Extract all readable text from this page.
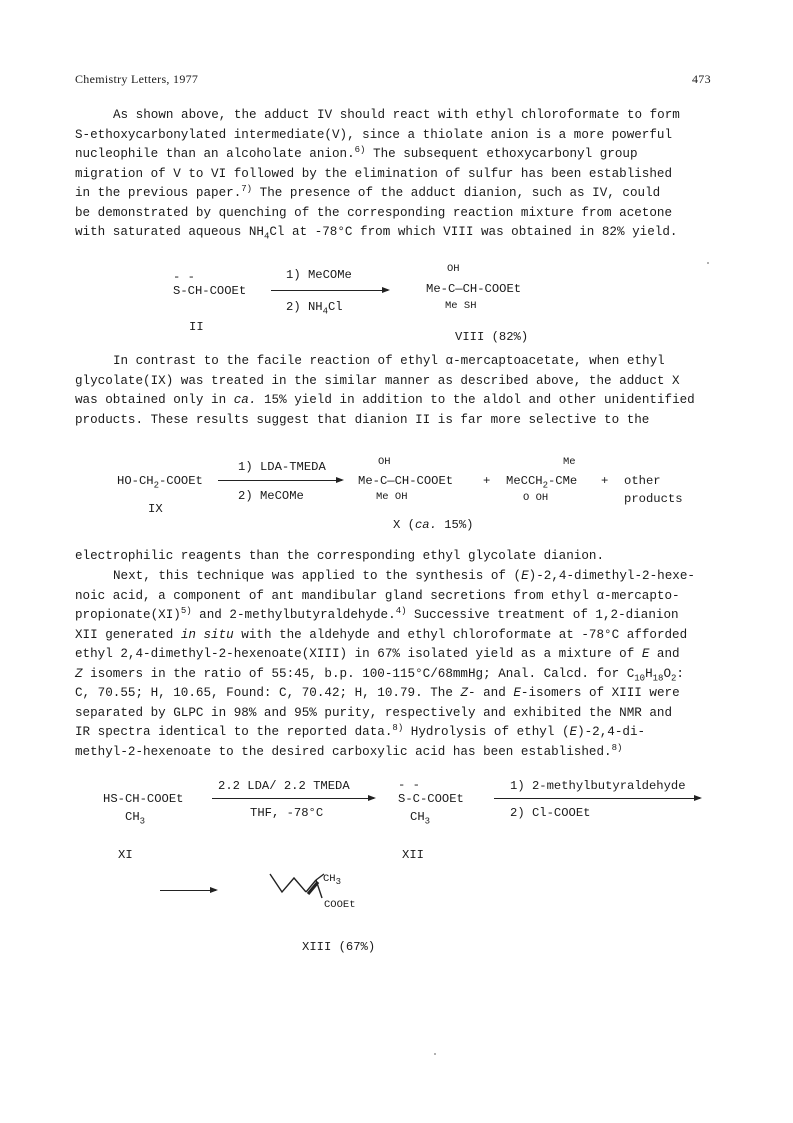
Chemistry Letters, 1977	473

As shown above, the adduct IV should react with ethyl chloroformate to form

S-ethoxycarbonylated intermediate(V), since a thiolate anion is a more powerful

nucleophile than an alcoholate anion.$^{6)}$ The subsequent ethoxycarbonyl group

migration of V to VI followed by the elimination of sulfur has been established

in the previous paper.$^{7)}$ The presence of the adduct dianion, such as IV, could

be demonstrated by quenching of the corresponding reaction mixture from acetone

with saturated aqueous $NH_4Cl$ at -78°C from which VIII was obtained in 82% yield.

- -
S-CH-COOEt
II
1) MeCOMe
2) $NH_4Cl$
OH
Me-C—CH-COOEt
Me SH
VIII (82%)

In contrast to the facile reaction of ethyl α-mercaptoacetate, when ethyl

glycolate(IX) was treated in the similar manner as described above, the adduct X

was obtained only in ca. 15% yield in addition to the aldol and other unidentified

products. These results suggest that dianion II is far more selective to the

$HO-CH_2$-COOEt
IX
1) LDA-TMEDA
2) MeCOMe
OH
Me-C—CH-COOEt
Me OH
X (ca. 15%)
+
Me
MeCCH$_2$-CMe
O OH
+ other
products

electrophilic reagents than the corresponding ethyl glycolate dianion.

Next, this technique was applied to the synthesis of (E)-2,4-dimethyl-2-hexe-

noic acid, a component of ant mandibular gland secretions from ethyl α-mercapto-

propionate(XI)$^{5)}$ and 2-methylbutyraldehyde.$^{4)}$ Successive treatment of 1,2-dianion

XII generated in situ with the aldehyde and ethyl chloroformate at -78°C afforded

ethyl 2,4-dimethyl-2-hexenoate(XIII) in 67% isolated yield as a mixture of E and

Z isomers in the ratio of 55:45, b.p. 100-115°C/68mmHg; Anal. Calcd. for $C_{10}H_{18}O_2$:

C, 70.55; H, 10.65, Found: C, 70.42; H, 10.79. The Z- and E-isomers of XIII were

separated by GLPC in 98% and 95% purity, respectively and exhibited the NMR and

IR spectra identical to the reported data.$^{8)}$ Hydrolysis of ethyl (E)-2,4-di-

methyl-2-hexenoate to the desired carboxylic acid has been established.$^{8)}$

HS-CH-COOEt
$CH_3$
XI
2.2 LDA/ 2.2 TMEDA
THF, -78°C
- -
S-C-COOEt
$CH_3$
XII
1) 2-methylbutyraldehyde
2) Cl-COOEt
$CH_3$
COOEt
XIII (67%)
